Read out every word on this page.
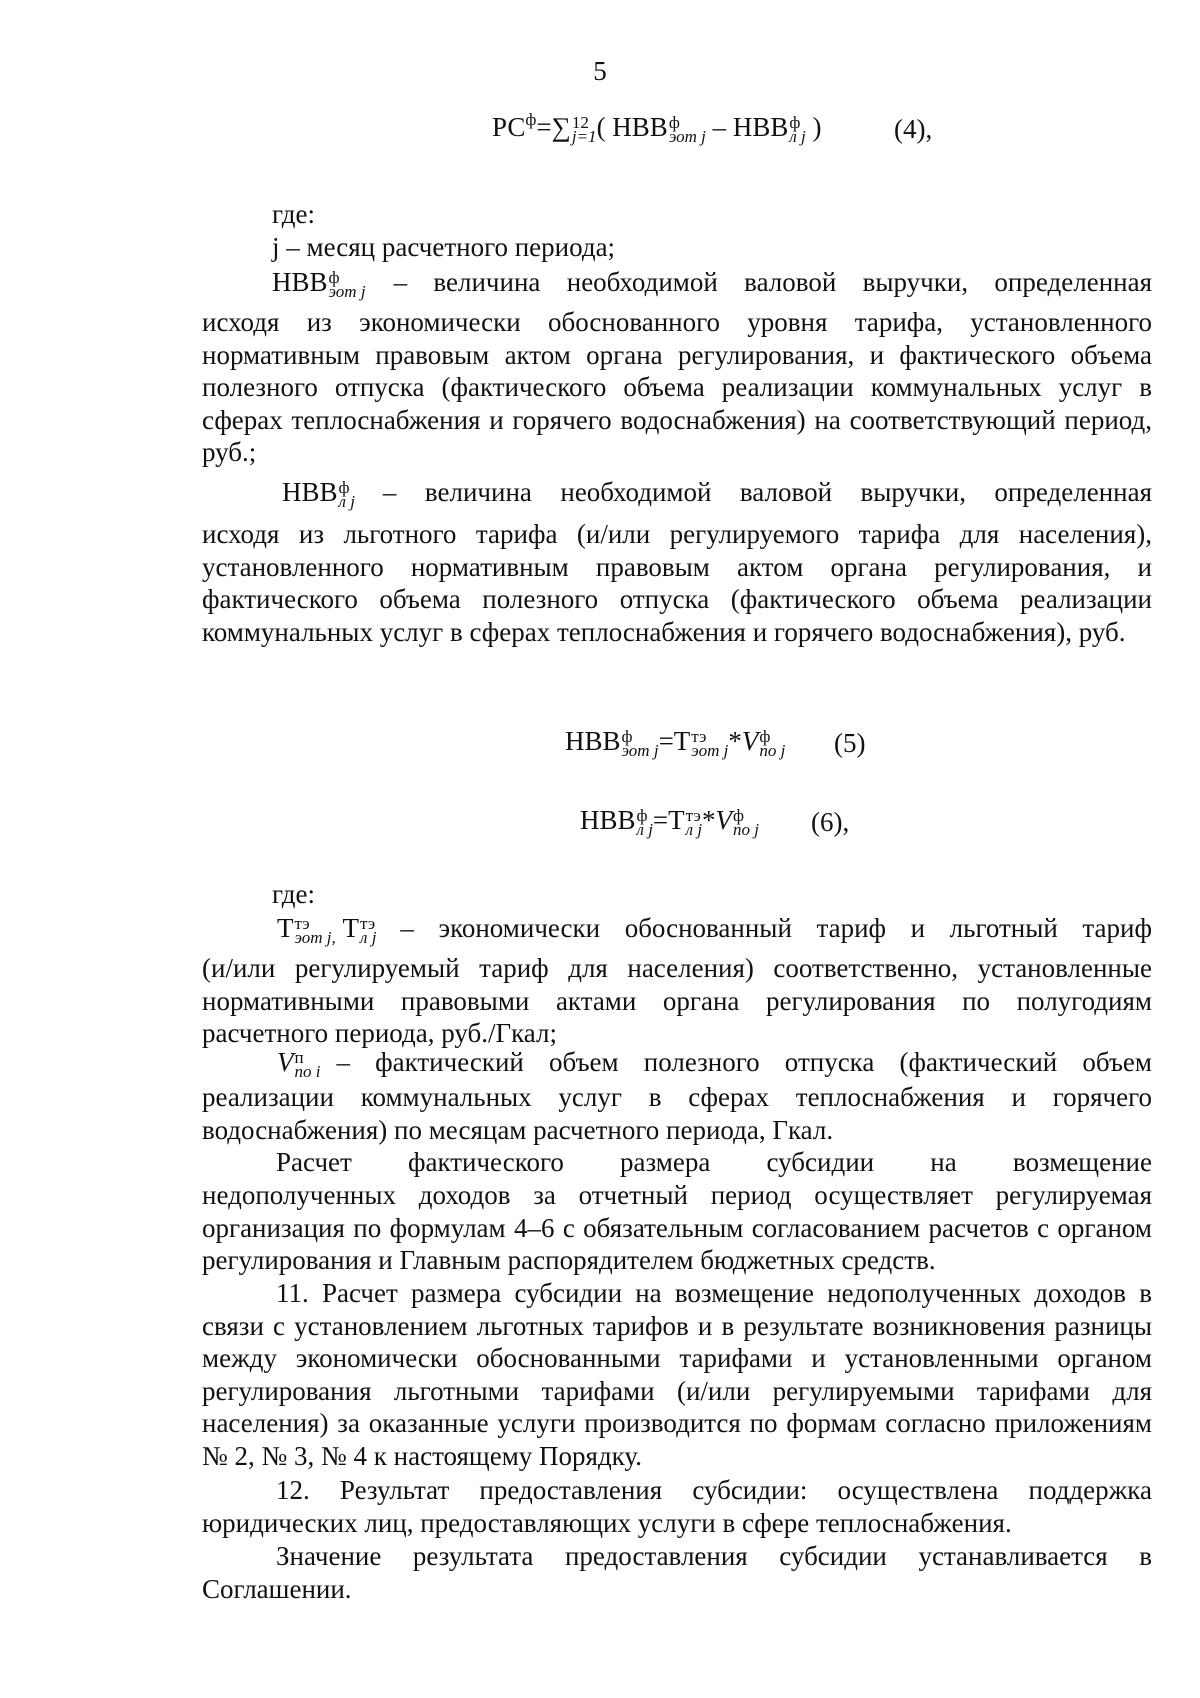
5
$РС^ф=\sum$ 12
j=1 ( НВВ ф
эот j – НВВ ф
л j )	(4),
где:
j – месяц расчетного периода;
НВВ ф
эот j – величина необходимой валовой выручки, определенная
исходя из экономически обоснованного уровня тарифа, установленного нормативным правовым актом органа регулирования, и фактического объема полезного отпуска (фактического объема реализации коммунальных услуг в сферах теплоснабжения и горячего водоснабжения) на соответствующий период, руб.;
НВВ ф
л j – величина необходимой валовой выручки, определенная
исходя из льготного тарифа (и/или регулируемого тарифа для населения), установленного нормативным правовым актом органа регулирования, и фактического объема полезного отпуска (фактического объема реализации коммунальных услуг в сферах теплоснабжения и горячего водоснабжения), руб.
НВВ ф
эот j =Т тэ
эот j *V ф
по j (5)
НВВ ф
л j =Т тэ
л j *V ф
по j (6),
где:
Т тэ
эот j, Т тэ
л j – экономически обоснованный тариф и льготный тариф
(и/или регулируемый тариф для населения) соответственно, установленные нормативными правовыми актами органа регулирования по полугодиям расчетного периода, руб./Гкал;
V п
по i – фактический объем полезного отпуска (фактический объем
реализации коммунальных услуг в сферах теплоснабжения и горячего водоснабжения) по месяцам расчетного периода, Гкал.
Расчет фактического размера субсидии на возмещение
недополученных доходов за отчетный период осуществляет регулируемая организация по формулам 4–6 с обязательным согласованием расчетов с органом регулирования и Главным распорядителем бюджетных средств.
11. Расчет размера субсидии на возмещение недополученных доходов в связи с установлением льготных тарифов и в результате возникновения разницы между экономически обоснованными тарифами и установленными органом регулирования льготными тарифами (и/или регулируемыми тарифами для населения) за оказанные услуги производится по формам согласно приложениям № 2, № 3, № 4 к настоящему Порядку.
12. Результат предоставления субсидии: осуществлена поддержка юридических лиц, предоставляющих услуги в сфере теплоснабжения.
Значение результата предоставления субсидии устанавливается в Соглашении.
